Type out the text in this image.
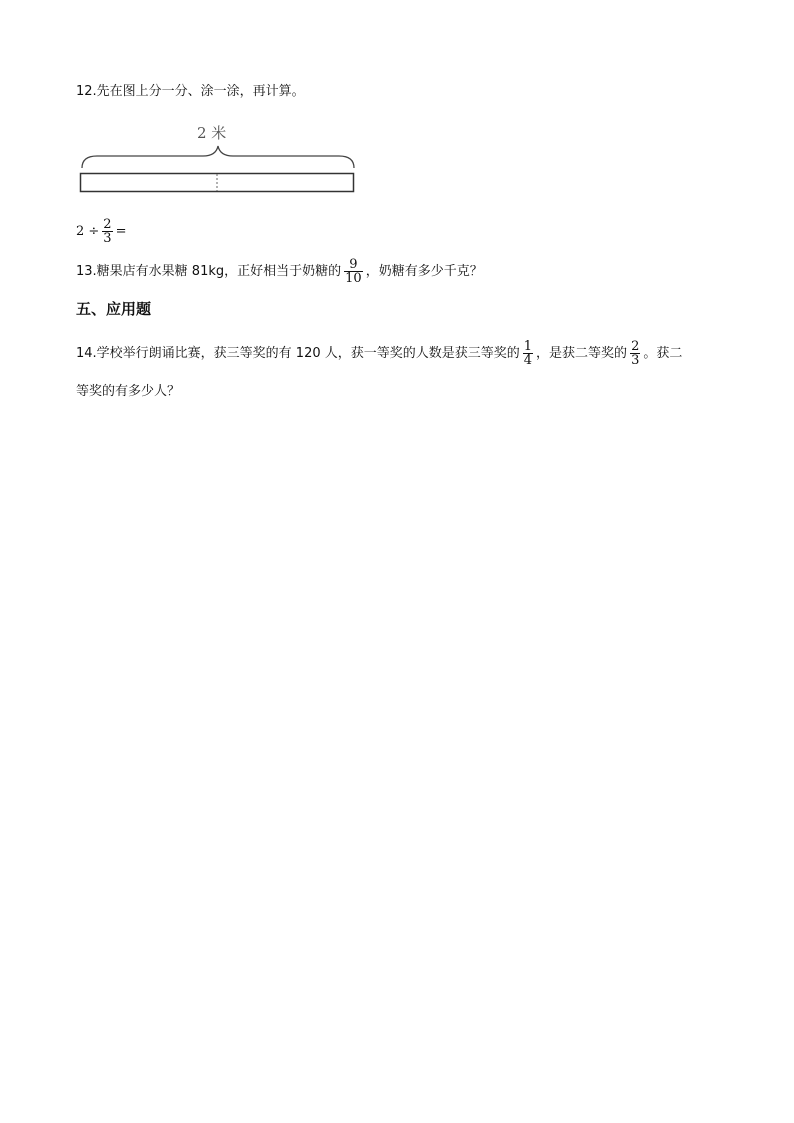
12.先在图上分一分、涂一涂，再计算。
2 米
$2 \div \frac{2}{3}$ =
13.糖果店有水果糖 81kg，正好相当于奶糖的 $\frac{9}{10}$ ，奶糖有多少千克？
五、应用题
14.学校举行朗诵比赛，获三等奖的有 120 人，获一等奖的人数是获三等奖的 $\frac{1}{4}$ ，是获二等奖的 $\frac{2}{3}$ 。获二
等奖的有多少人？
